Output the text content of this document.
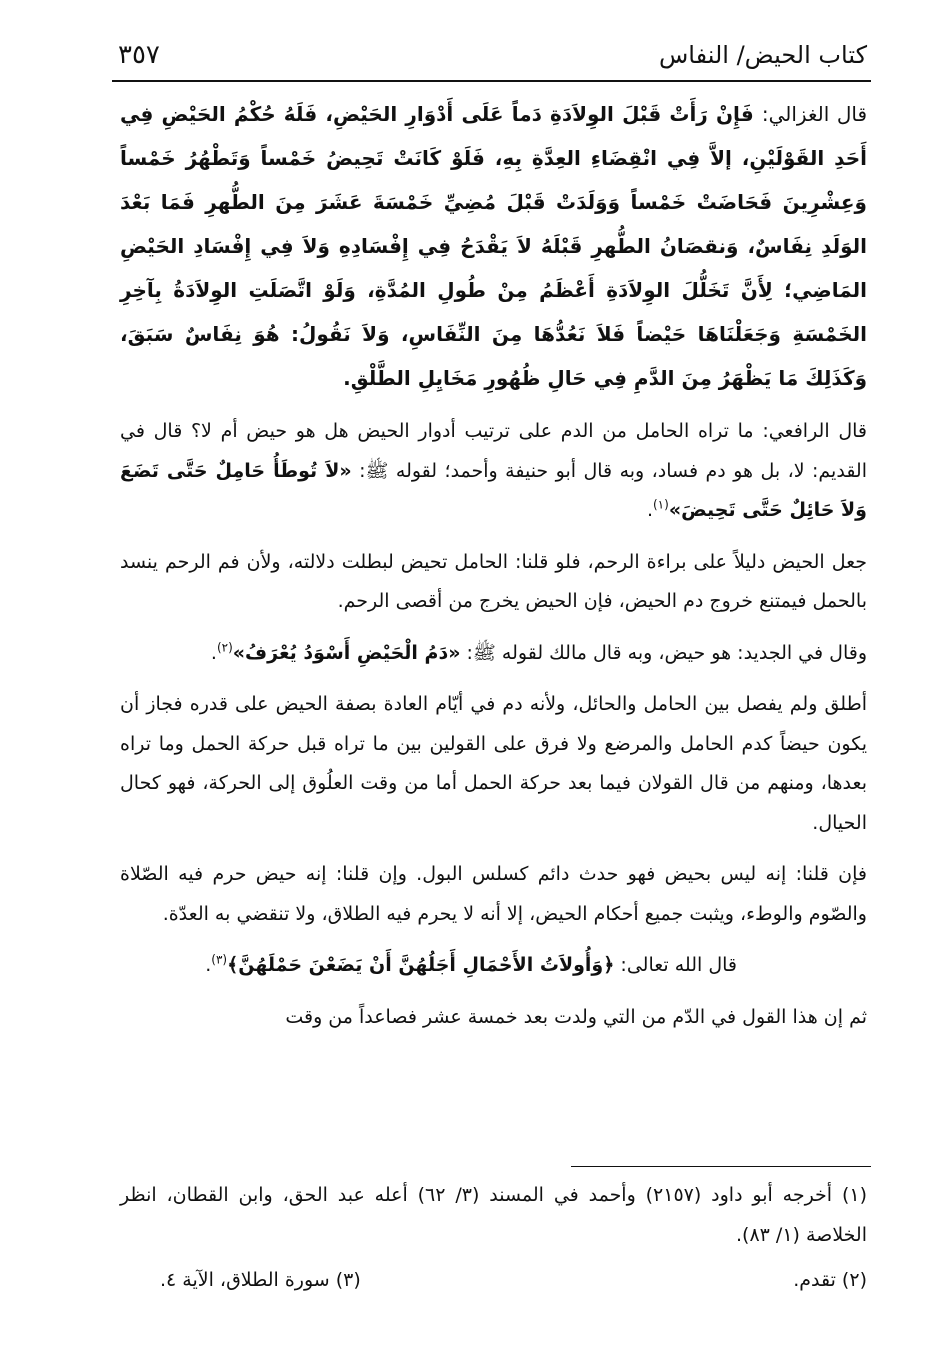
كتاب الحيض/ النفاس
٣٥٧

قال الغزالي: فَإِنْ رَأَتْ قَبْلَ الوِلاَدَةِ دَماً عَلَى أَدْوَارِ الحَيْضِ، فَلَهُ حُكْمُ الحَيْضِ فِي أَحَدِ القَوْلَيْنِ، إلاَّ فِي انْقِضَاءِ العِدَّةِ بِهِ، فَلَوْ كَانَتْ تَحِيضُ خَمْساً وَتَطْهُرُ خَمْساً وَعِشْرِينَ فَحَاضَتْ خَمْساً وَوَلَدَتْ قَبْلَ مُضِيِّ خَمْسَةَ عَشَرَ مِنَ الطُّهرِ فَمَا بَعْدَ الوَلَدِ نِفَاسٌ، وَنقصَانُ الطُّهرِ قَبْلَهُ لاَ يَقْدَحُ فِي إِفْسَادِهِ وَلاَ فِي إِفْسَادِ الحَيْضِ المَاضِي؛ لِأَنَّ تَخَلُّلَ الوِلاَدَةِ أَعْظَمُ مِنْ طُولِ المُدَّةِ، وَلَوْ اتَّصَلَتِ الوِلاَدَةُ بِآخِرِ الخَمْسَةِ وَجَعَلْنَاهَا حَيْضاً فَلاَ نَعُدُّهَا مِنَ النِّفَاسِ، وَلاَ نَقُولُ: هُوَ نِفَاسٌ سَبَقَ، وَكَذَلِكَ مَا يَظْهَرُ مِنَ الدَّمِ فِي حَالِ ظُهُورِ مَخَايِلِ الطَّلْقِ.

قال الرافعي: ما تراه الحامل من الدم على ترتيب أدوار الحيض هل هو حيض أم لا؟ قال في القديم: لا، بل هو دم فساد، وبه قال أبو حنيفة وأحمد؛ لقوله ﷺ: «لاَ تُوطَأُ حَامِلٌ حَتَّى تَضَعَ وَلاَ حَائِلٌ حَتَّى تَحِيضَ»$^{(١)}$.

جعل الحيض دليلاً على براءة الرحم، فلو قلنا: الحامل تحيض لبطلت دلالته، ولأن فم الرحم ينسد بالحمل فيمتنع خروج دم الحيض، فإن الحيض يخرج من أقصى الرحم.

وقال في الجديد: هو حيض، وبه قال مالك لقوله ﷺ: «دَمُ الْحَيْضِ أَسْوَدُ يُعْرَفُ»$^{(٢)}$.

أطلق ولم يفصل بين الحامل والحائل، ولأنه دم في أيّام العادة بصفة الحيض على قدره فجاز أن يكون حيضاً كدم الحامل والمرضع ولا فرق على القولين بين ما تراه قبل حركة الحمل وما تراه بعدها، ومنهم من قال القولان فيما بعد حركة الحمل أما من وقت العلُوق إلى الحركة، فهو كحال الحيال.

فإن قلنا: إنه ليس بحيض فهو حدث دائم كسلس البول. وإن قلنا: إنه حيض حرم فيه الصّلاة والصّوم والوطء، ويثبت جميع أحكام الحيض، إلا أنه لا يحرم فيه الطلاق، ولا تنقضي به العدّة.

قال الله تعالى: ﴿وَأُولاَتُ الأَحْمَالِ أَجَلُهُنَّ أَنْ يَضَعْنَ حَمْلَهُنَّ﴾$^{(٣)}$.

ثم إن هذا القول في الدّم من التي ولدت بعد خمسة عشر فصاعداً من وقت

(١) أخرجه أبو داود (٢١٥٧) وأحمد في المسند (٣/ ٦٢) أعله عبد الحق، وابن القطان، انظر الخلاصة (١/ ٨٣).

(٢) تقدم.

(٣) سورة الطلاق، الآية ٤.
